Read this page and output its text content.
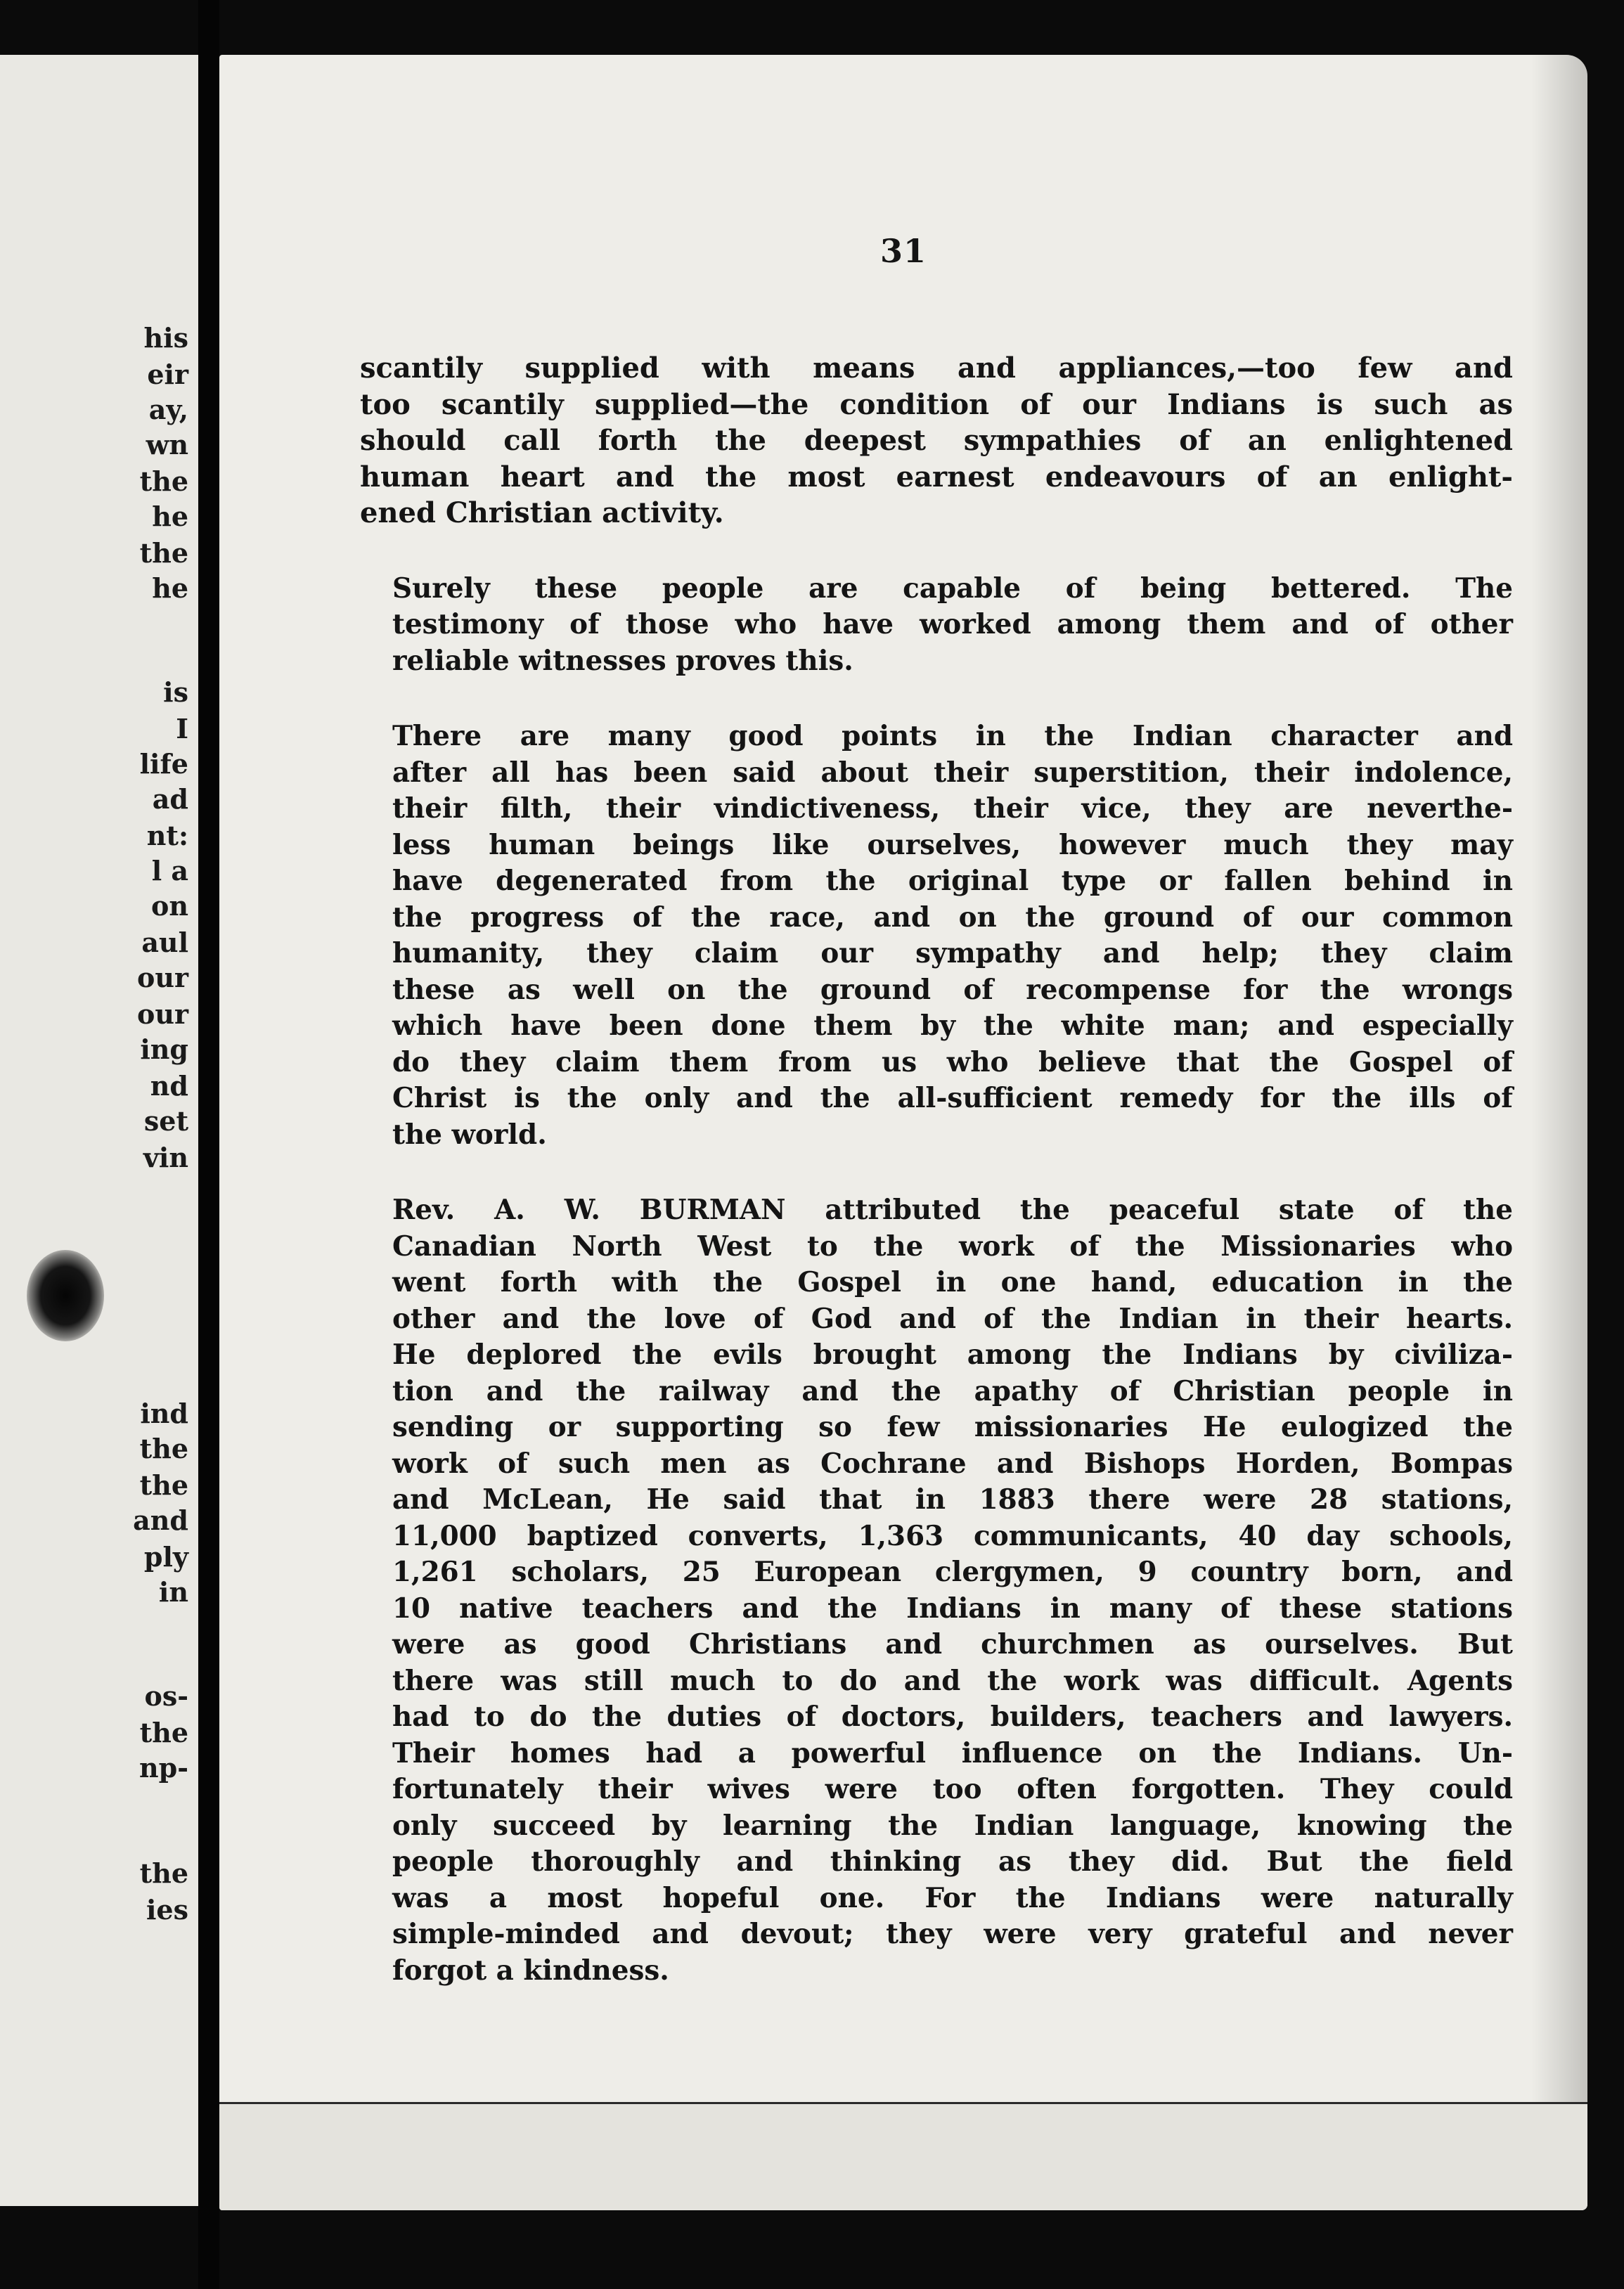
his
eir
ay,
wn
the
he
the
he
is
I
life
ad
nt:
l a
on
aul
our
our
ing
nd
set
vin
ind
the
the
and
ply
in
os-
the
np-
the
ies
31
scantily supplied with means and appliances,—too few and
too scantily supplied—the condition of our Indians is such as
should call forth the deepest sympathies of an enlightened
human heart and the most earnest endeavours of an enlight-
ened Christian activity.
Surely these people are capable of being bettered. The
testimony of those who have worked among them and of other
reliable witnesses proves this.
There are many good points in the Indian character and
after all has been said about their superstition, their indolence,
their filth, their vindictiveness, their vice, they are neverthe-
less human beings like ourselves, however much they may
have degenerated from the original type or fallen behind in
the progress of the race, and on the ground of our common
humanity, they claim our sympathy and help; they claim
these as well on the ground of recompense for the wrongs
which have been done them by the white man; and especially
do they claim them from us who believe that the Gospel of
Christ is the only and the all-sufficient remedy for the ills of
the world.
Rev. A. W. BURMAN attributed the peaceful state of the
Canadian North West to the work of the Missionaries who
went forth with the Gospel in one hand, education in the
other and the love of God and of the Indian in their hearts.
He deplored the evils brought among the Indians by civiliza-
tion and the railway and the apathy of Christian people in
sending or supporting so few missionaries He eulogized the
work of such men as Cochrane and Bishops Horden, Bompas
and McLean, He said that in 1883 there were 28 stations,
11,000 baptized converts, 1,363 communicants, 40 day schools,
1,261 scholars, 25 European clergymen, 9 country born, and
10 native teachers and the Indians in many of these stations
were as good Christians and churchmen as ourselves. But
there was still much to do and the work was difficult. Agents
had to do the duties of doctors, builders, teachers and lawyers.
Their homes had a powerful influence on the Indians. Un-
fortunately their wives were too often forgotten. They could
only succeed by learning the Indian language, knowing the
people thoroughly and thinking as they did. But the field
was a most hopeful one. For the Indians were naturally
simple-minded and devout; they were very grateful and never
forgot a kindness.
